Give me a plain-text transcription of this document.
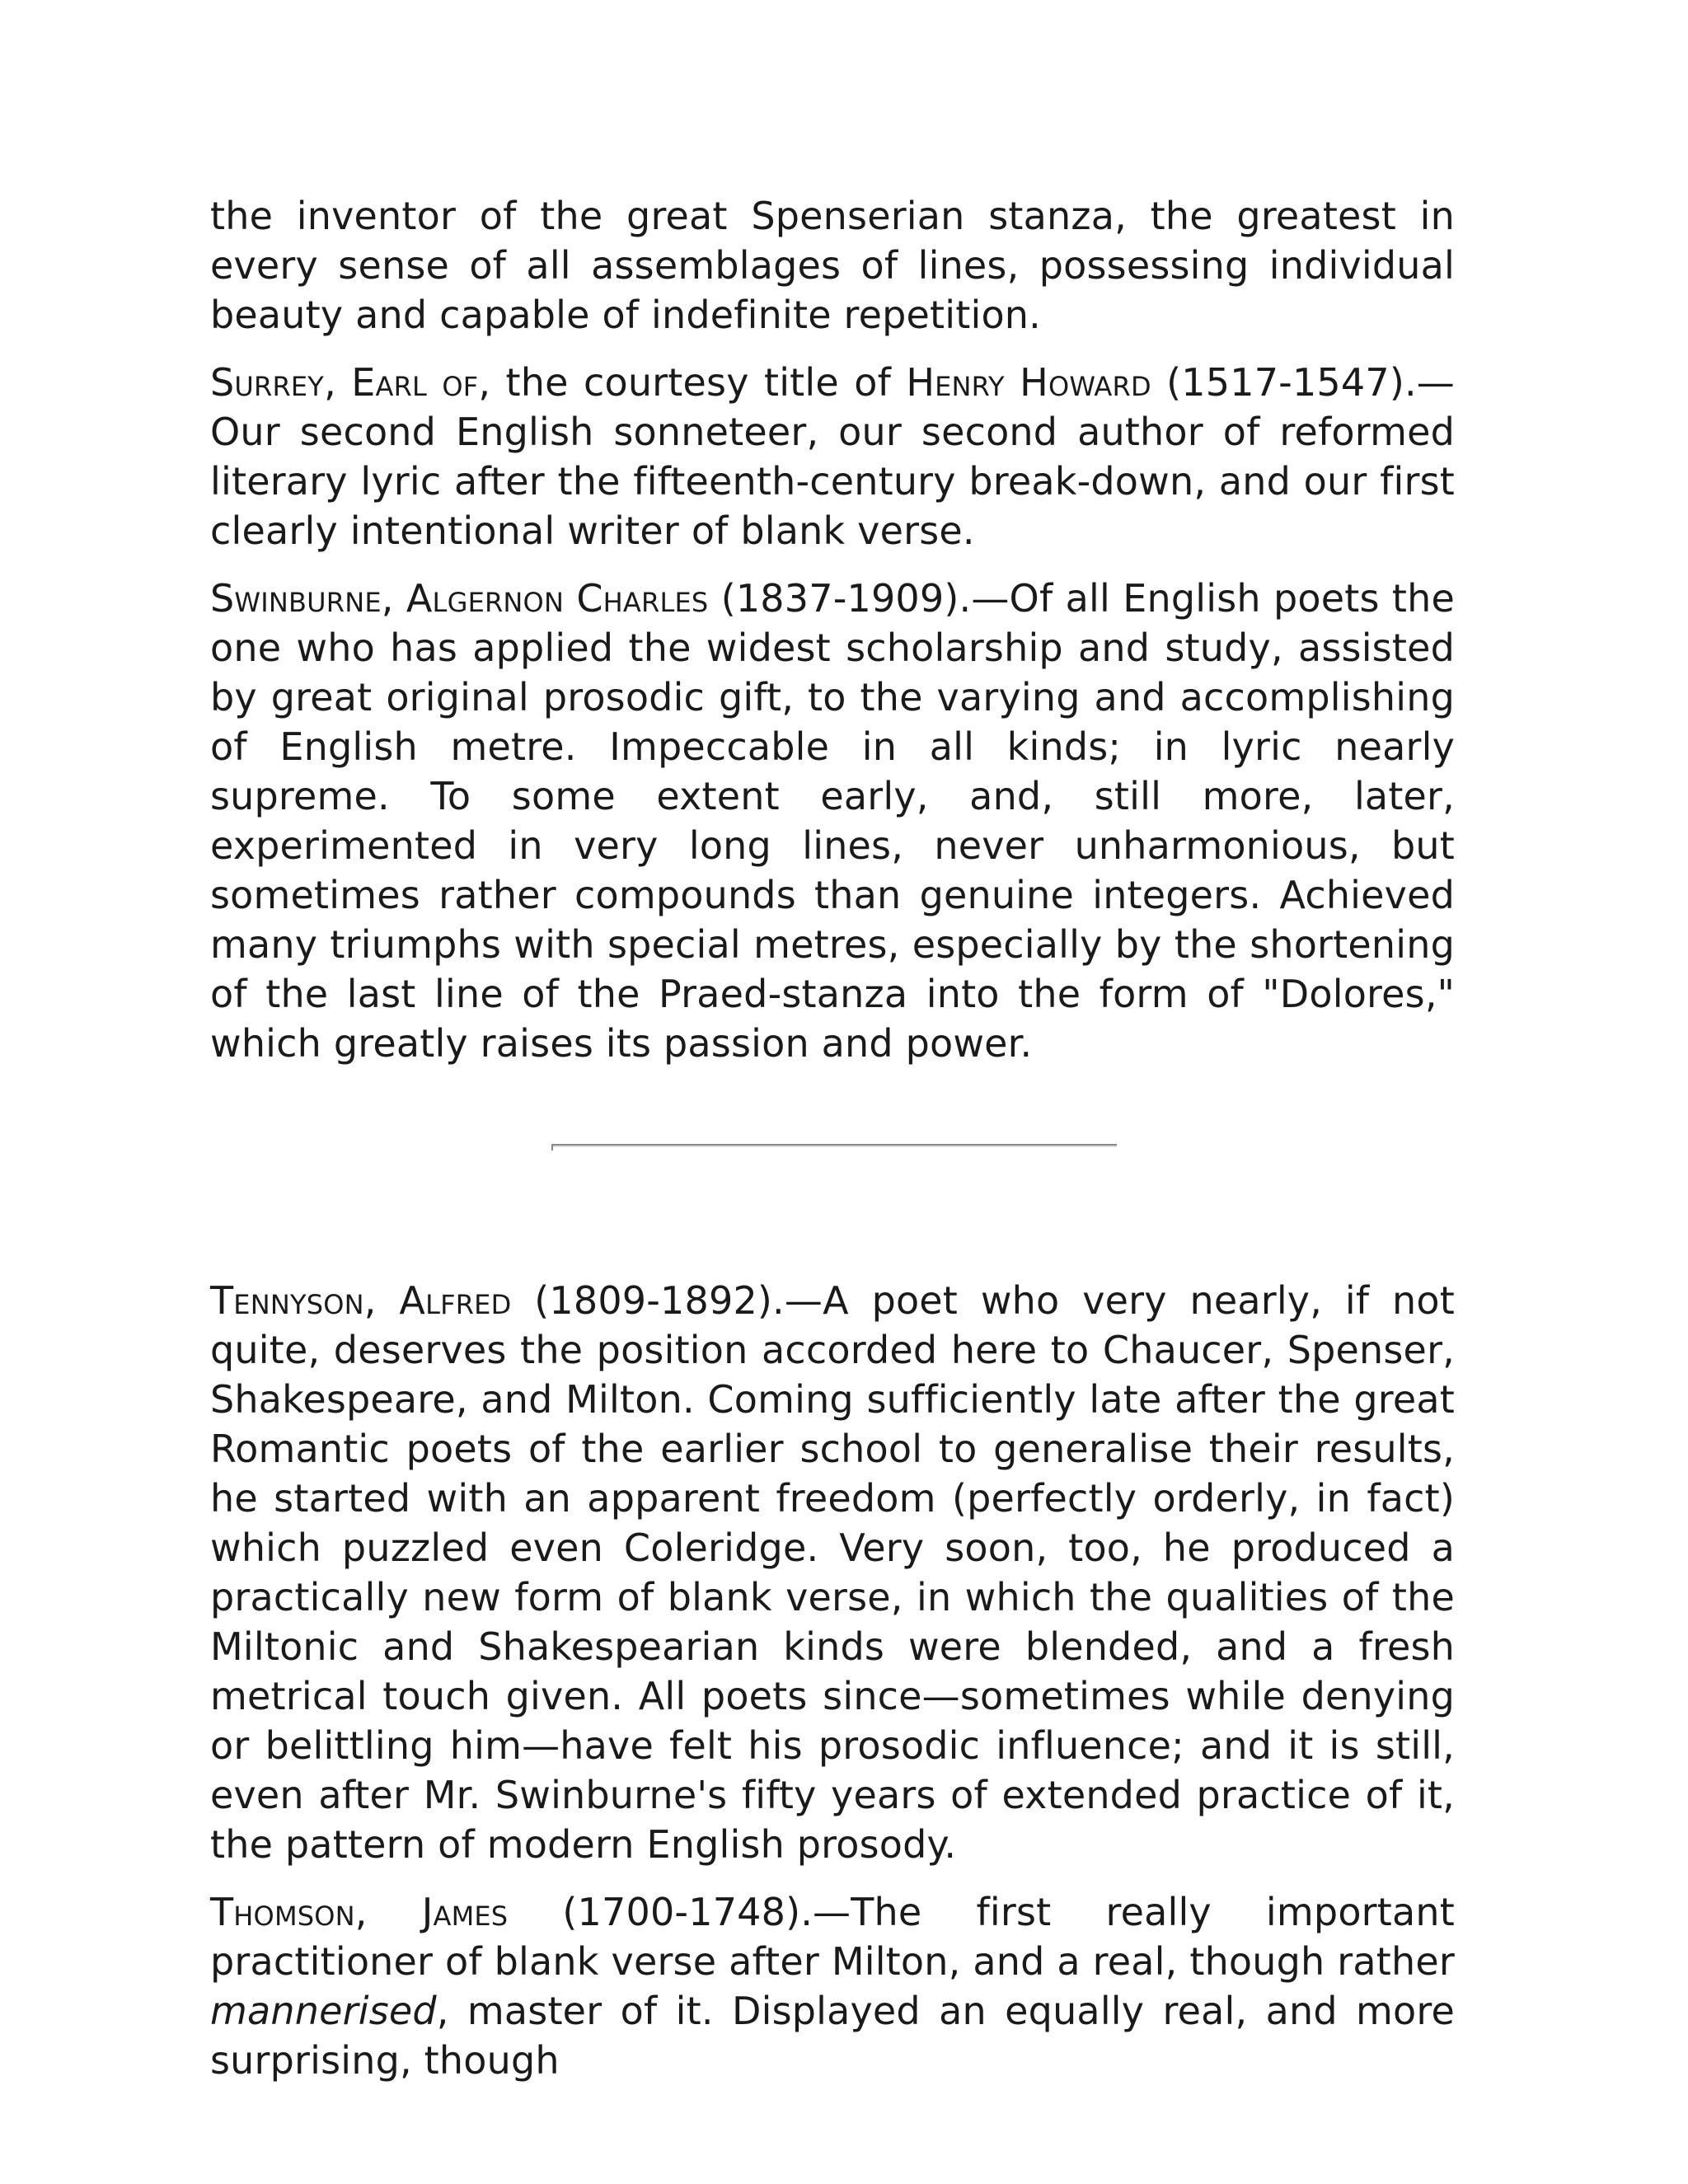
the inventor of the great Spenserian stanza, the greatest in every sense of all assemblages of lines, possessing individual beauty and capable of indefinite repetition.

Surrey, Earl of, the courtesy title of Henry Howard (1517-1547).—Our second English sonneteer, our second author of reformed literary lyric after the fifteenth-century break-down, and our first clearly intentional writer of blank verse.

Swinburne, Algernon Charles (1837-1909).—Of all English poets the one who has applied the widest scholarship and study, assisted by great original prosodic gift, to the varying and accomplishing of English metre. Impeccable in all kinds; in lyric nearly supreme. To some extent early, and, still more, later, experimented in very long lines, never unharmonious, but sometimes rather compounds than genuine integers. Achieved many triumphs with special metres, especially by the shortening of the last line of the Praed-stanza into the form of "Dolores," which greatly raises its passion and power.

Tennyson, Alfred (1809-1892).—A poet who very nearly, if not quite, deserves the position accorded here to Chaucer, Spenser, Shakespeare, and Milton. Coming sufficiently late after the great Romantic poets of the earlier school to generalise their results, he started with an apparent freedom (perfectly orderly, in fact) which puzzled even Coleridge. Very soon, too, he produced a practically new form of blank verse, in which the qualities of the Miltonic and Shakespearian kinds were blended, and a fresh metrical touch given. All poets since—sometimes while denying or belittling him—have felt his prosodic influence; and it is still, even after Mr. Swinburne's fifty years of extended practice of it, the pattern of modern English prosody.

Thomson, James (1700-1748).—The first really important practitioner of blank verse after Milton, and a real, though rather mannerised, master of it. Displayed an equally real, and more surprising, though
